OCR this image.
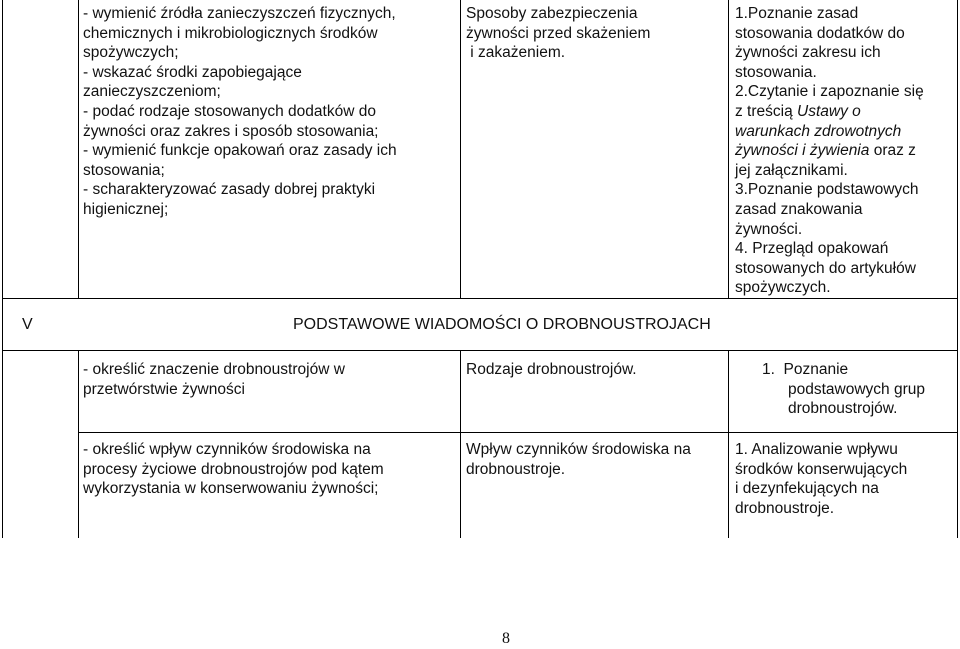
- wymienić źródła zanieczyszczeń fizycznych,
chemicznych i mikrobiologicznych środków
spożywczych;
- wskazać środki zapobiegające
zanieczyszczeniom;
- podać rodzaje stosowanych dodatków do
żywności oraz zakres i sposób stosowania;
- wymienić funkcje opakowań oraz zasady ich
stosowania;
- scharakteryzować zasady dobrej praktyki
higienicznej;
Sposoby zabezpieczenia
żywności przed skażeniem
i zakażeniem.
1.Poznanie zasad
stosowania dodatków do
żywności zakresu ich
stosowania.
2.Czytanie i zapoznanie się
z treścią Ustawy o
warunkach zdrowotnych
żywności i żywienia oraz z
jej załącznikami.
3.Poznanie podstawowych
zasad znakowania
żywności.
4. Przegląd opakowań
stosowanych do artykułów
spożywczych.
V	PODSTAWOWE WIADOMOŚCI O DROBNOUSTROJACH
- określić znaczenie drobnoustrojów w
przetwórstwie żywności
Rodzaje drobnoustrojów.	1.  Poznanie
podstawowych grup
drobnoustrojów.
- określić wpływ czynników środowiska na
procesy życiowe drobnoustrojów pod kątem
wykorzystania w konserwowaniu żywności;
Wpływ czynników środowiska na
drobnoustroje.
1. Analizowanie wpływu
środków konserwujących
i dezynfekujących na
drobnoustroje.
8
